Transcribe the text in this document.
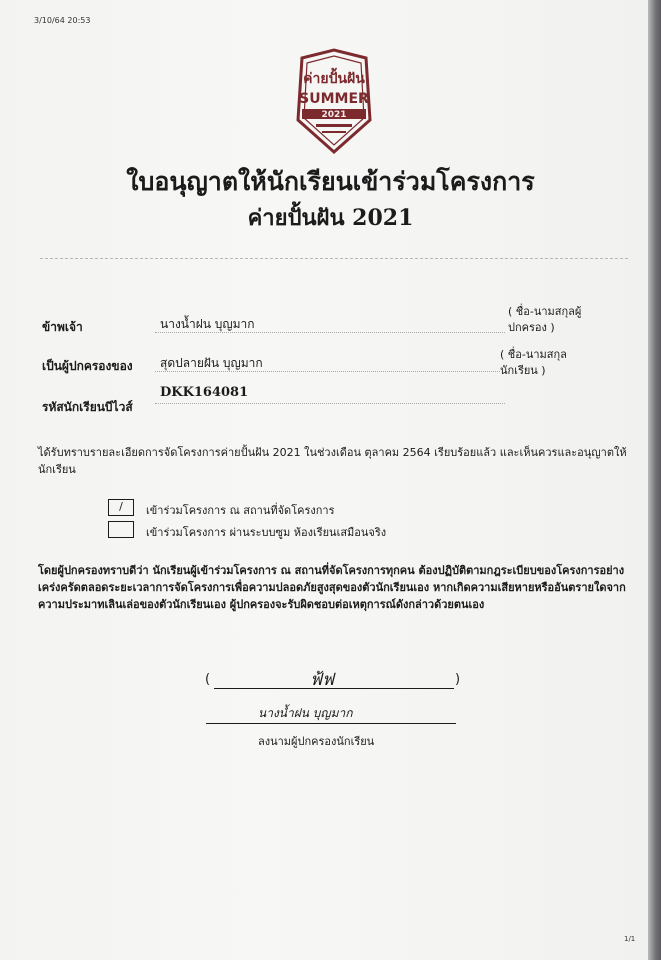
3/10/64 20:53
ค่ายปั้นฝัน
SUMMER
2021
ใบอนุญาตให้นักเรียนเข้าร่วมโครงการ
ค่ายปั้นฝัน 2021
ข้าพเจ้า	นางน้ำฝน บุญมาก
( ชื่อ-นามสกุลผู้ปกครอง )
เป็นผู้ปกครองของ สุดปลายฝัน บุญมาก
( ชื่อ-นามสกุลนักเรียน )
รหัสนักเรียนบีไวส์
DKK164081
ได้รับทราบรายละเอียดการจัดโครงการค่ายปั้นฝัน 2021 ในช่วงเดือน ตุลาคม 2564 เรียบร้อยแล้ว และเห็นควรและอนุญาตให้นักเรียน
/	เข้าร่วมโครงการ ณ สถานที่จัดโครงการ
เข้าร่วมโครงการ ผ่านระบบซูม ห้องเรียนเสมือนจริง
โดยผู้ปกครองทราบดีว่า นักเรียนผู้เข้าร่วมโครงการ ณ สถานที่จัดโครงการทุกคน ต้องปฏิบัติตามกฎระเบียบของโครงการอย่างเคร่งครัดตลอดระยะเวลาการจัดโครงการเพื่อความปลอดภัยสูงสุดของตัวนักเรียนเอง หากเกิดความเสียหายหรืออันตรายใดจากความประมาทเลินเล่อของตัวนักเรียนเอง ผู้ปกครองจะรับผิดชอบต่อเหตุการณ์ดังกล่าวด้วยตนเอง
(	)
ฟ้ฟ
นางน้ำฝน บุญมาก
ลงนามผู้ปกครองนักเรียน
1/1
